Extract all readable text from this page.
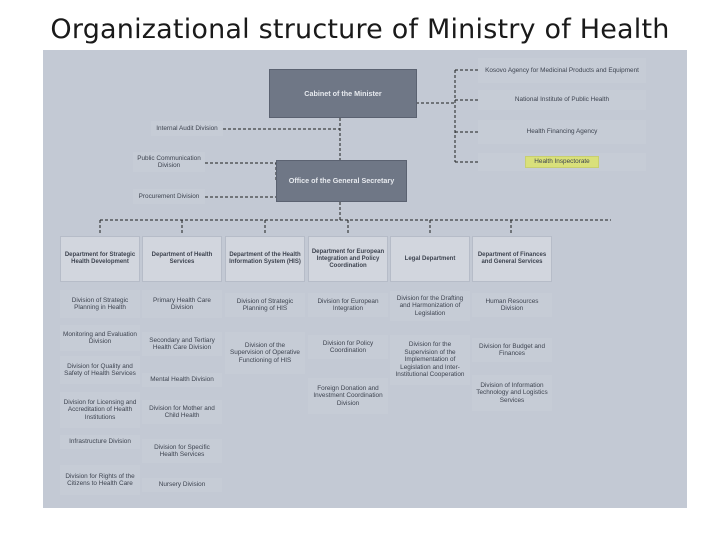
Organizational structure of Ministry of Health
Cabinet of the Minister
Internal Audit Division
Public Communication Division
Procurement Division
Office of the General Secretary
Kosovo Agency for Medicinal Products and Equipment
National Institute of Public Health
Health Financing Agency
Health Inspectorate
Department for Strategic Health Development
Department of Health Services
Department of the Health Information System (HIS)
Department for European Integration and Policy Coordination
Legal Department
Department of Finances and General Services
Division of Strategic Planning in Health
Monitoring and Evaluation Division
Division for Quality and Safety of Health Services
Division for Licensing and Accreditation of Health Institutions
Infrastructure Division
Division for Rights of the Citizens to Health Care
Primary Health Care Division
Secondary and Tertiary Health Care Division
Mental Health Division
Division for Mother and Child Health
Division for Specific Health Services
Nursery Division
Division of Strategic Planning of HIS
Division of the Supervision of Operative Functioning of HIS
Division for European Integration
Division for Policy Coordination
Foreign Donation and Investment Coordination Division
Division for the Drafting and Harmonization of Legislation
Division for the Supervision of the Implementation of Legislation and Inter-Institutional Cooperation
Human Resources Division
Division for Budget and Finances
Division of Information Technology and Logistics Services
